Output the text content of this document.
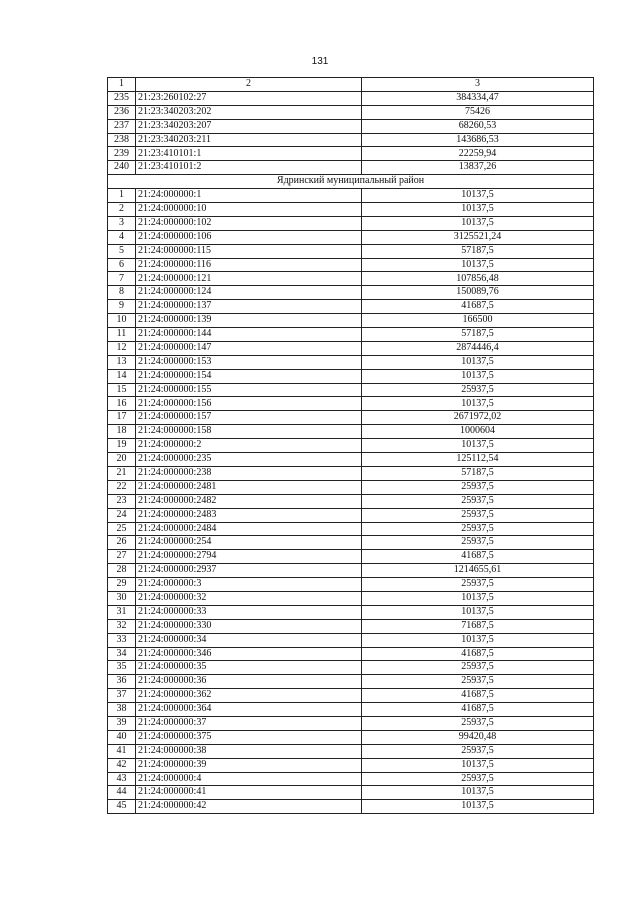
131
1	2	3
235	21:23:260102:27	384334,47
236	21:23:340203:202	75426
237	21:23:340203:207	68260,53
238	21:23:340203:211	143686,53
239	21:23:410101:1	22259,94
240	21:23:410101:2	13837,26
Ядринский муниципальный район		
1	21:24:000000:1	10137,5
2	21:24:000000:10	10137,5
3	21:24:000000:102	10137,5
4	21:24:000000:106	3125521,24
5	21:24:000000:115	57187,5
6	21:24:000000:116	10137,5
7	21:24:000000:121	107856,48
8	21:24:000000:124	150089,76
9	21:24:000000:137	41687,5
10	21:24:000000:139	166500
11	21:24:000000:144	57187,5
12	21:24:000000:147	2874446,4
13	21:24:000000:153	10137,5
14	21:24:000000:154	10137,5
15	21:24:000000:155	25937,5
16	21:24:000000:156	10137,5
17	21:24:000000:157	2671972,02
18	21:24:000000:158	1000604
19	21:24:000000:2	10137,5
20	21:24:000000:235	125112,54
21	21:24:000000:238	57187,5
22	21:24:000000:2481	25937,5
23	21:24:000000:2482	25937,5
24	21:24:000000:2483	25937,5
25	21:24:000000:2484	25937,5
26	21:24:000000:254	25937,5
27	21:24:000000:2794	41687,5
28	21:24:000000:2937	1214655,61
29	21:24:000000:3	25937,5
30	21:24:000000:32	10137,5
31	21:24:000000:33	10137,5
32	21:24:000000:330	71687,5
33	21:24:000000:34	10137,5
34	21:24:000000:346	41687,5
35	21:24:000000:35	25937,5
36	21:24:000000:36	25937,5
37	21:24:000000:362	41687,5
38	21:24:000000:364	41687,5
39	21:24:000000:37	25937,5
40	21:24:000000:375	99420,48
41	21:24:000000:38	25937,5
42	21:24:000000:39	10137,5
43	21:24:000000:4	25937,5
44	21:24:000000:41	10137,5
45	21:24:000000:42	10137,5
